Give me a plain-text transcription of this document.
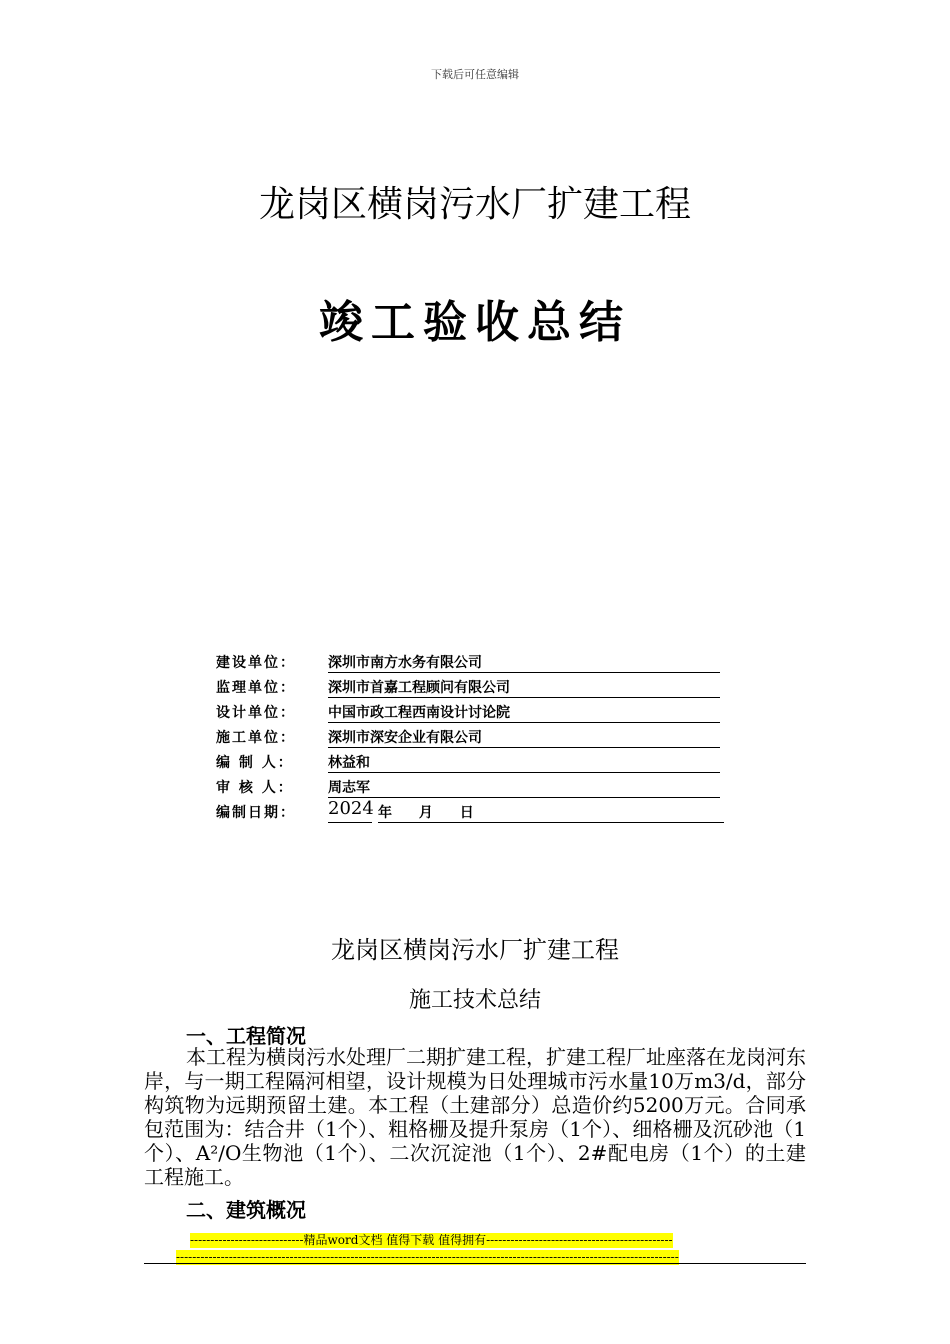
下载后可任意编辑
龙岗区横岗污水厂扩建工程
竣工验收总结
建设单位：	深圳市南方水务有限公司
监理单位：	深圳市首嘉工程顾问有限公司
设计单位：	中国市政工程西南设计讨论院
施工单位：	深圳市深安企业有限公司
编 制 人：	林益和
审 核 人：	周志军
编制日期：	2024 年 月 日
龙岗区横岗污水厂扩建工程
施工技术总结
一、工程简况
本工程为横岗污水处理厂二期扩建工程，扩建工程厂址座落在龙岗河东岸，与一期工程隔河相望，设计规模为日处理城市污水量10万m3/d，部分构筑物为远期预留土建。本工程（土建部分）总造价约5200万元。合同承包范围为：结合井（1个）、粗格栅及提升泵房（1个）、细格栅及沉砂池（1个）、A²/O生物池（1个）、二次沉淀池（1个）、2#配电房（1个）的土建工程施工。
二、建筑概况
----------------------------精品word文档 值得下载 值得拥有----------------------------------------------
----------------------------------------------------------------------------------------------------------------------------
